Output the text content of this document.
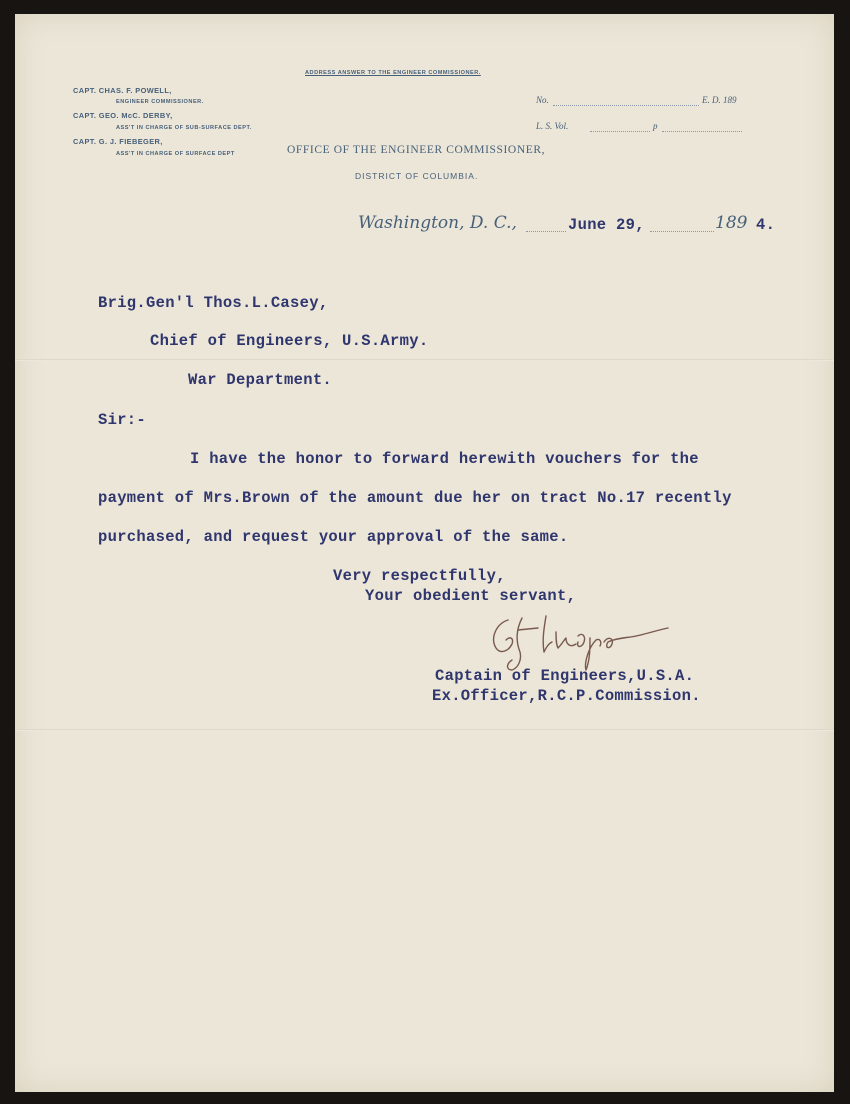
ADDRESS ANSWER TO THE ENGINEER COMMISSIONER.
CAPT. CHAS. F. POWELL,
ENGINEER COMMISSIONER.
CAPT. GEO. McC. DERBY,
ASS'T IN CHARGE OF SUB-SURFACE DEPT.
CAPT. G. J. FIEBEGER,
ASS'T IN CHARGE OF SURFACE DEPT
No.	E. D. 189
L. S. Vol.	p
OFFICE OF THE ENGINEER COMMISSIONER,
DISTRICT OF COLUMBIA.
Washington, D. C.,	June 29,	189 4.
Brig.Gen'l Thos.L.Casey,
Chief of Engineers, U.S.Army.
War Department.
Sir:-
I have the honor to forward herewith vouchers for the
payment of Mrs.Brown of the amount due her on tract No.17 recently
purchased, and request your approval of the same.
Very respectfully,
Your obedient servant,
Captain of Engineers,U.S.A.
Ex.Officer,R.C.P.Commission.
